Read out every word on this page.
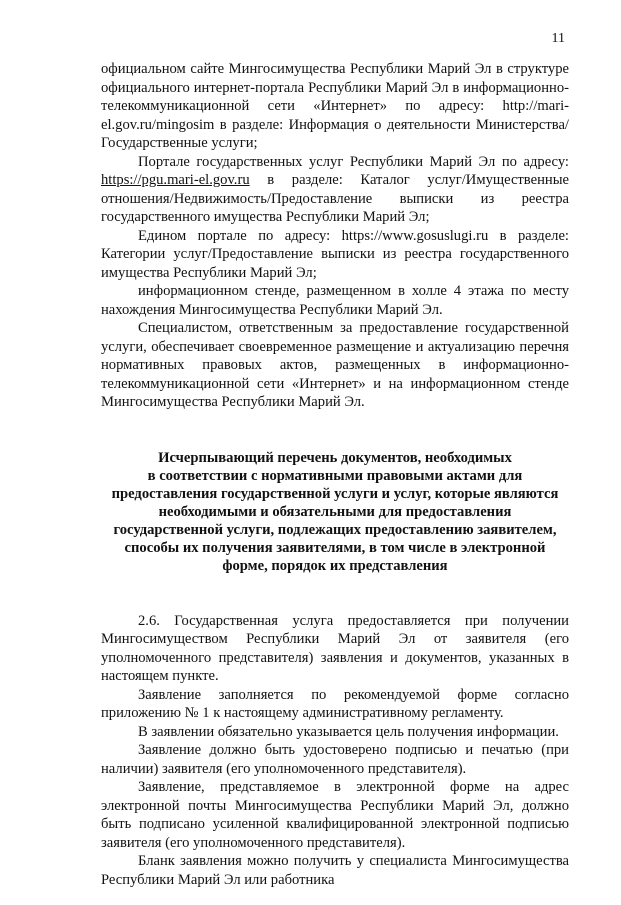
11

официальном сайте Мингосимущества Республики Марий Эл в структуре официального интернет-портала Республики Марий Эл в информационно-телекоммуникационной сети «Интернет» по адресу: http://mari-el.gov.ru/mingosim в разделе: Информация о деятельности Министерства/Государственные услуги;

Портале государственных услуг Республики Марий Эл по адресу: https://pgu.mari-el.gov.ru в разделе: Каталог услуг/Имущественные отношения/Недвижимость/Предоставление выписки из реестра государственного имущества Республики Марий Эл;

Едином портале по адресу: https://www.gosuslugi.ru в разделе: Категории услуг/Предоставление выписки из реестра государственного имущества Республики Марий Эл;

информационном стенде, размещенном в холле 4 этажа по месту нахождения Мингосимущества Республики Марий Эл.

Специалистом, ответственным за предоставление государственной услуги, обеспечивает своевременное размещение и актуализацию перечня нормативных правовых актов, размещенных в информационно-телекоммуникационной сети «Интернет» и на информационном стенде Мингосимущества Республики Марий Эл.

Исчерпывающий перечень документов, необходимых
в соответствии с нормативными правовыми актами для
предоставления государственной услуги и услуг, которые являются
необходимыми и обязательными для предоставления
государственной услуги, подлежащих предоставлению заявителем,
способы их получения заявителями, в том числе в электронной
форме, порядок их представления

2.6. Государственная услуга предоставляется при получении Мингосимуществом Республики Марий Эл от заявителя (его уполномоченного представителя) заявления и документов, указанных в настоящем пункте.

Заявление заполняется по рекомендуемой форме согласно приложению № 1 к настоящему административному регламенту.

В заявлении обязательно указывается цель получения информации.

Заявление должно быть удостоверено подписью и печатью (при наличии) заявителя (его уполномоченного представителя).

Заявление, представляемое в электронной форме на адрес электронной почты Мингосимущества Республики Марий Эл, должно быть подписано усиленной квалифицированной электронной подписью заявителя (его уполномоченного представителя).

Бланк заявления можно получить у специалиста Мингосимущества Республики Марий Эл или работника
